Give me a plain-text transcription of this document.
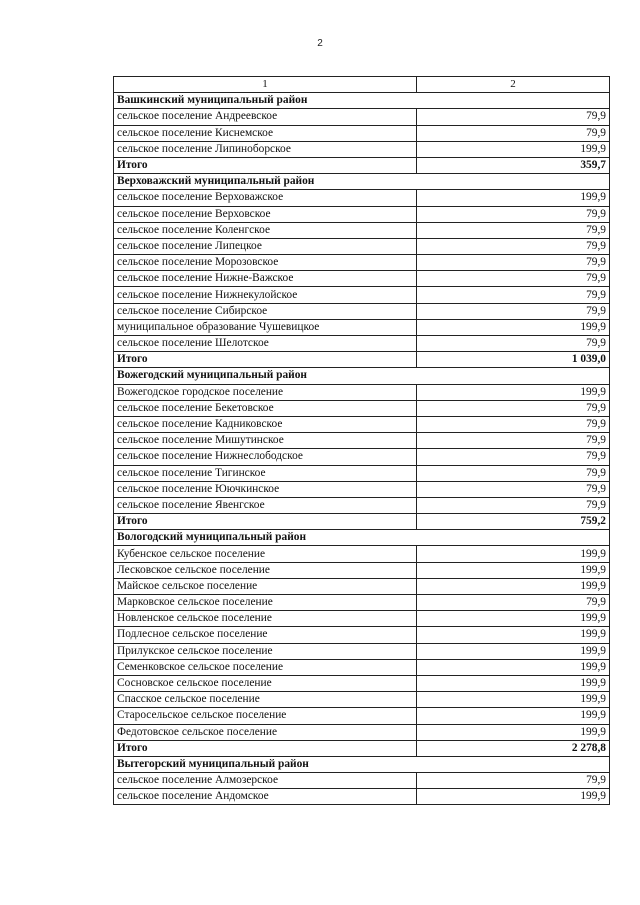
2
1	2
Вашкинский муниципальный район	
сельское поселение Андреевское	79,9
сельское поселение Киснемское	79,9
сельское поселение Липиноборское	199,9
Итого	359,7
Верховажский муниципальный район	
сельское поселение Верховажское	199,9
сельское поселение Верховское	79,9
сельское поселение Коленгское	79,9
сельское поселение Липецкое	79,9
сельское поселение Морозовское	79,9
сельское поселение Нижне-Важское	79,9
сельское поселение Нижнекулойское	79,9
сельское поселение Сибирское	79,9
муниципальное образование Чушевицкое	199,9
сельское поселение Шелотское	79,9
Итого	1 039,0
Вожегодский муниципальный район	
Вожегодское городское поселение	199,9
сельское поселение Бекетовское	79,9
сельское поселение Кадниковское	79,9
сельское поселение Мишутинское	79,9
сельское поселение Нижнеслободское	79,9
сельское поселение Тигинское	79,9
сельское поселение Юючкинское	79,9
сельское поселение Явенгское	79,9
Итого	759,2
Вологодский муниципальный район	
Кубенское сельское поселение	199,9
Лесковское сельское поселение	199,9
Майское сельское поселение	199,9
Марковское сельское поселение	79,9
Новленское сельское поселение	199,9
Подлесное сельское поселение	199,9
Прилукское сельское поселение	199,9
Семенковское сельское поселение	199,9
Сосновское сельское поселение	199,9
Спасское сельское поселение	199,9
Старосельское сельское поселение	199,9
Федотовское сельское поселение	199,9
Итого	2 278,8
Вытегорский муниципальный район	
сельское поселение Алмозерское	79,9
сельское поселение Андомское	199,9
